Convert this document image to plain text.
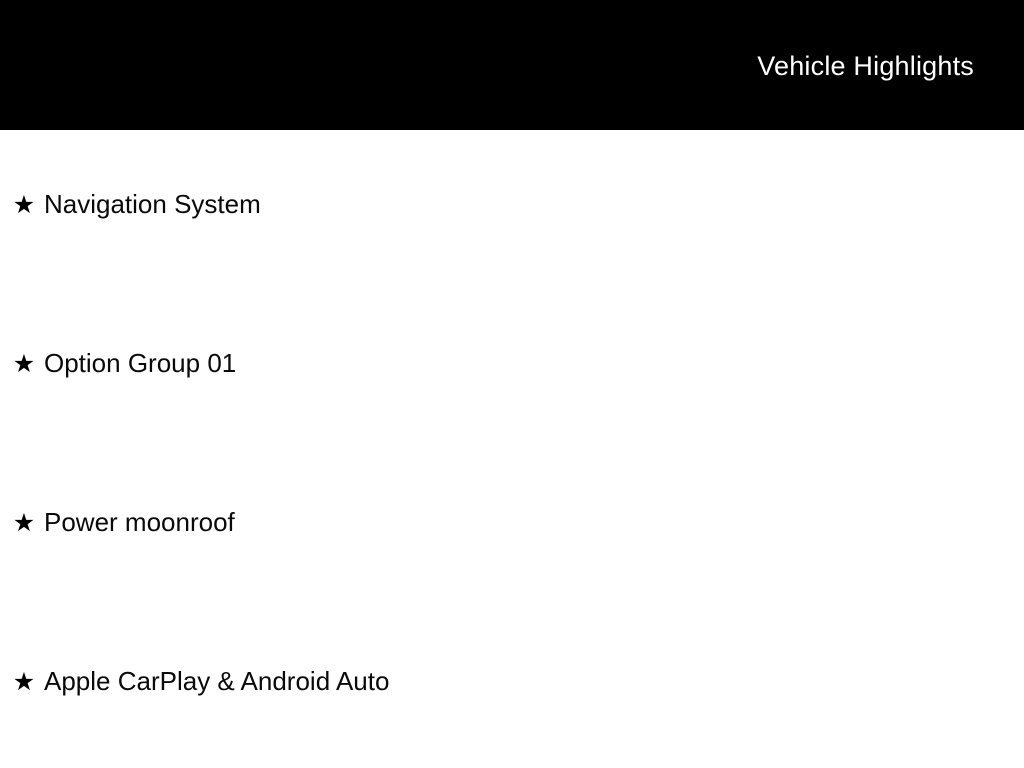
Vehicle Highlights
★ Navigation System
★ Option Group 01
★ Power moonroof
★ Apple CarPlay & Android Auto
